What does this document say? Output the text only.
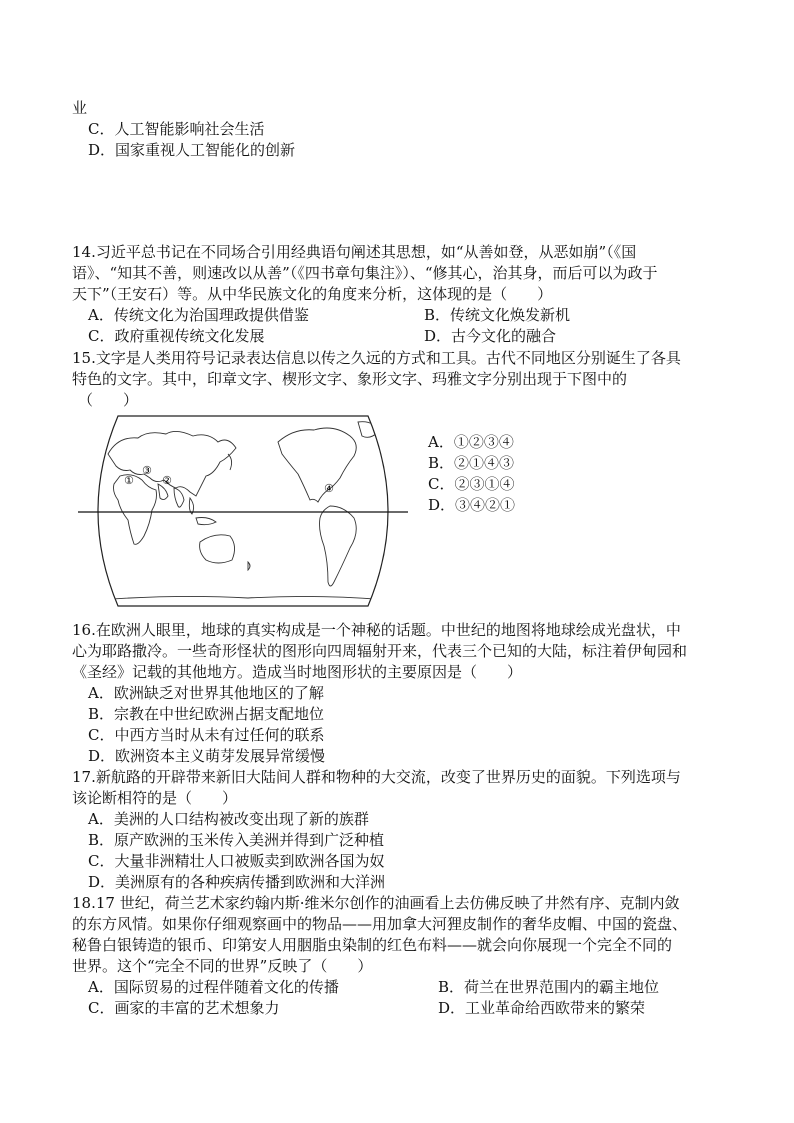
业
C．人工智能影响社会生活
D．国家重视人工智能化的创新
14.习近平总书记在不同场合引用经典语句阐述其思想，如“从善如登，从恶如崩”（《国
语》、“知其不善，则速改以从善”（《四书章句集注》）、“修其心，治其身，而后可以为政于
天下”（王安石）等。从中华民族文化的角度来分析，这体现的是（　　）
A．传统文化为治国理政提供借鉴	B．传统文化焕发新机
C．政府重视传统文化发展	D．古今文化的融合
15.文字是人类用符号记录表达信息以传之久远的方式和工具。古代不同地区分别诞生了各具
特色的文字。其中，印章文字、楔形文字、象形文字、玛雅文字分别出现于下图中的
（　　）
①	②
③
④
A．①②③④
B．②①④③
C．②③①④
D．③④②①
16.在欧洲人眼里，地球的真实构成是一个神秘的话题。中世纪的地图将地球绘成光盘状，中
心为耶路撒冷。一些奇形怪状的图形向四周辐射开来，代表三个已知的大陆，标注着伊甸园和
《圣经》记载的其他地方。造成当时地图形状的主要原因是（　　）
A．欧洲缺乏对世界其他地区的了解
B．宗教在中世纪欧洲占据支配地位
C．中西方当时从未有过任何的联系
D．欧洲资本主义萌芽发展异常缓慢
17.新航路的开辟带来新旧大陆间人群和物种的大交流，改变了世界历史的面貌。下列选项与
该论断相符的是（　　）
A．美洲的人口结构被改变出现了新的族群
B．原产欧洲的玉米传入美洲并得到广泛种植
C．大量非洲精壮人口被贩卖到欧洲各国为奴
D．美洲原有的各种疾病传播到欧洲和大洋洲
18.17 世纪，荷兰艺术家约翰内斯·维米尔创作的油画看上去仿佛反映了井然有序、克制内敛
的东方风情。如果你仔细观察画中的物品——用加拿大河狸皮制作的奢华皮帽、中国的瓷盘、
秘鲁白银铸造的银币、印第安人用胭脂虫染制的红色布料——就会向你展现一个完全不同的
世界。这个“完全不同的世界”反映了（　　）
A．国际贸易的过程伴随着文化的传播	B．荷兰在世界范围内的霸主地位
C．画家的丰富的艺术想象力	D．工业革命给西欧带来的繁荣
